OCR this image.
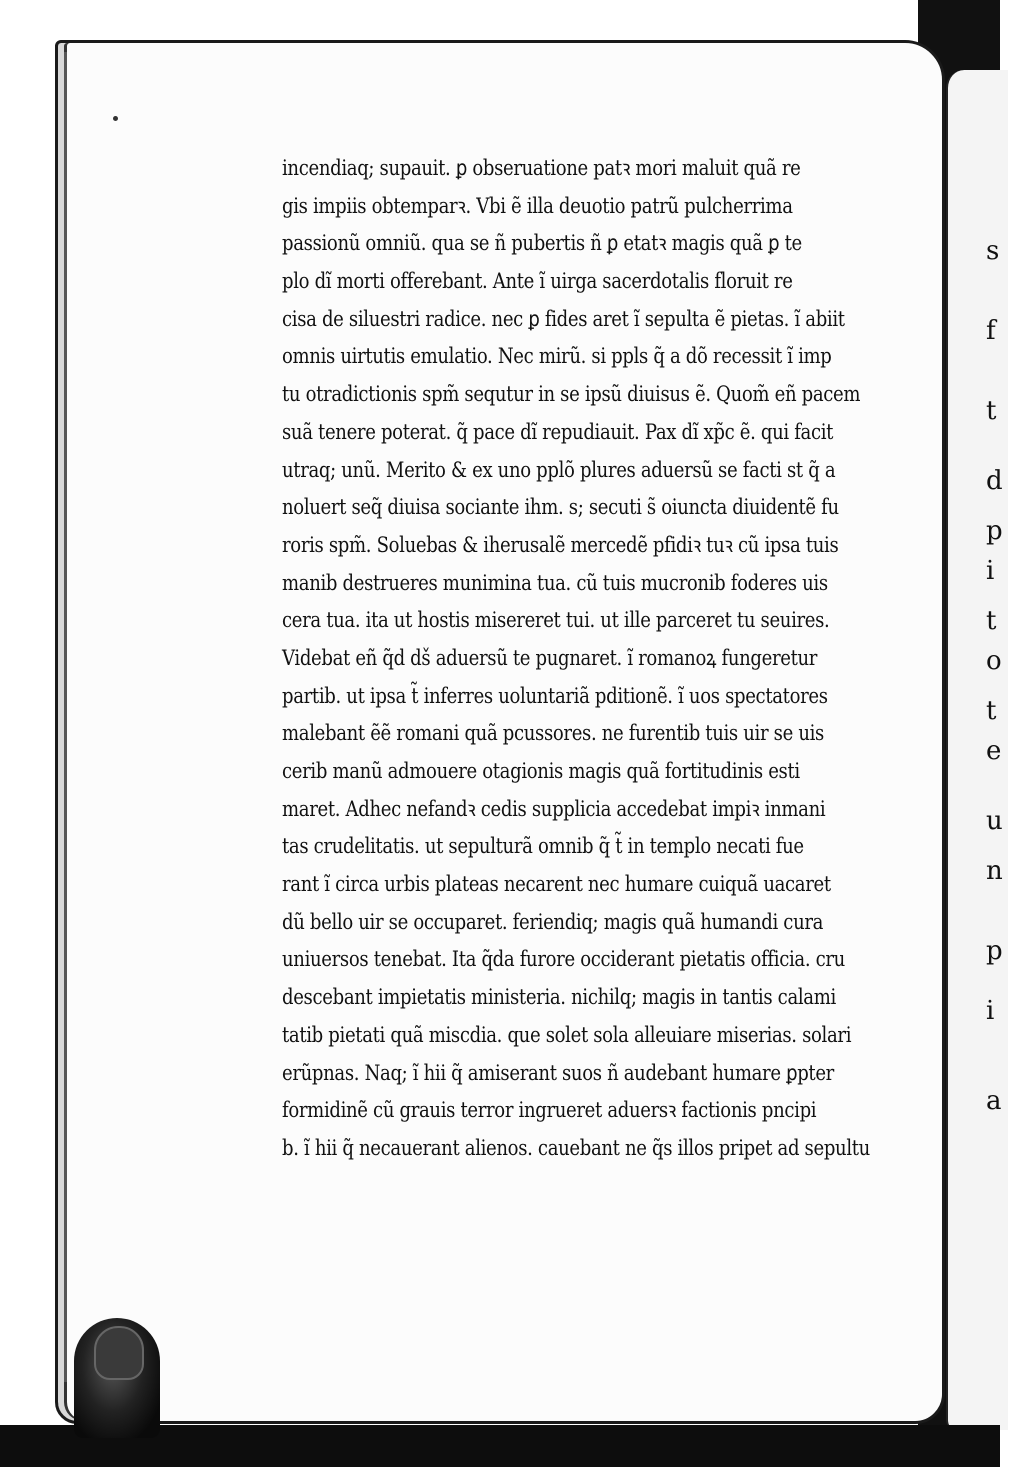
s
f
t
d
p
i
t
o
t
e
u
n
p
i
a
incendiaq; supauit. ꝑ obseruatione patꝛ mori maluit quã re
gis impiis obtemparꝛ. Vbi ẽ illa deuotio patrũ pulcherrima
passionũ omniũ. qua se ñ pubertis ñ ꝑ etatꝛ magis quã ꝑ te
plo dĩ morti offerebant. Ante ĩ uirga sacerdotalis floruit re
cisa de siluestri radice. nec ꝑ fides aret ĩ sepulta ẽ pietas. ĩ abiit
omnis uirtutis emulatio. Nec mirũ. si ppls q̃ a dõ recessit ĩ imp
tu otradictionis spm̃ sequtur in se ipsũ diuisus ẽ. Quom̃ eñ pacem
suã tenere poterat. q̃ pace dĩ repudiauit. Pax dĩ xp̃c ẽ. qui facit
utraq; unũ. Merito & ex uno pplõ plures aduersũ se facti st q̃ a
noluert seq̃ diuisa sociante ihm. s; secuti s̃ oiuncta diuidentẽ fu
roris spm̃. Soluebas & iherusalẽ mercedẽ pfidiꝛ tuꝛ cũ ipsa tuis
manib destrueres munimina tua. cũ tuis mucronib foderes uis
cera tua. ita ut hostis misereret tui. ut ille parceret tu seuires.
Videbat eñ q̃d dš aduersũ te pugnaret. ĩ romanoꝝ fungeretur
partib. ut ipsa t̃ inferres uoluntariã pditionẽ. ĩ uos spectatores
malebant ẽẽ romani quã pcussores. ne furentib tuis uir se uis
cerib manũ admouere otagionis magis quã fortitudinis esti
maret. Adhec nefandꝛ cedis supplicia accedebat impiꝛ inmani
tas crudelitatis. ut sepulturã omnib q̃ t̃ in templo necati fue
rant ĩ circa urbis plateas necarent nec humare cuiquã uacaret
dũ bello uir se occuparet. feriendiq; magis quã humandi cura
uniuersos tenebat. Ita q̃da furore occiderant pietatis officia. cru
descebant impietatis ministeria. nichilq; magis in tantis calami
tatib pietati quã miscdia. que solet sola alleuiare miserias. solari
erũpnas. Naq; ĩ hii q̃ amiserant suos ñ audebant humare ꝑpter
formidinẽ cũ grauis terror ingrueret aduersꝛ factionis pncipi
b. ĩ hii q̃ necauerant alienos. cauebant ne q̃s illos pripet ad sepultu
